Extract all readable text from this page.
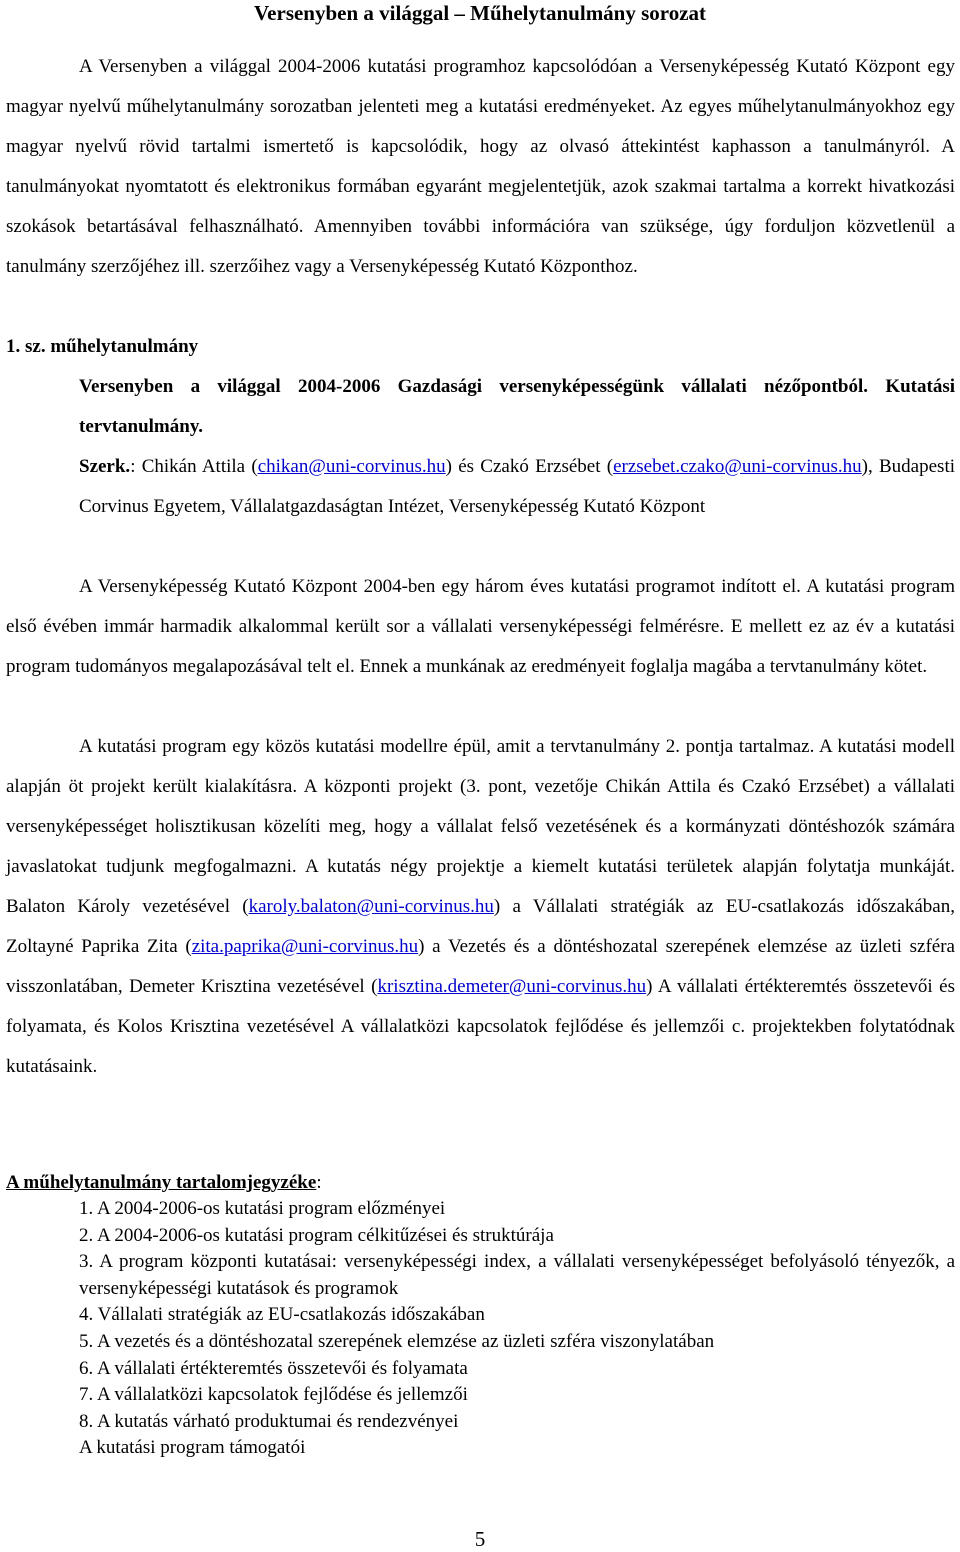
Versenyben a világgal – Műhelytanulmány sorozat

A Versenyben a világgal 2004-2006 kutatási programhoz kapcsolódóan a Versenyképesség Kutató Központ egy magyar nyelvű műhelytanulmány sorozatban jelenteti meg a kutatási eredményeket. Az egyes műhelytanulmányokhoz egy magyar nyelvű rövid tartalmi ismertető is kapcsolódik, hogy az olvasó áttekintést kaphasson a tanulmányról. A tanulmányokat nyomtatott és elektronikus formában egyaránt megjelentetjük, azok szakmai tartalma a korrekt hivatkozási szokások betartásával felhasználható. Amennyiben további információra van szüksége, úgy forduljon közvetlenül a tanulmány szerzőjéhez ill. szerzőihez vagy a Versenyképesség Kutató Központhoz.

1. sz. műhelytanulmány
Versenyben a világgal 2004-2006 Gazdasági versenyképességünk vállalati nézőpontból. Kutatási tervtanulmány.
Szerk.: Chikán Attila (chikan@uni-corvinus.hu) és Czakó Erzsébet (erzsebet.czako@uni-corvinus.hu), Budapesti Corvinus Egyetem, Vállalatgazdaságtan Intézet, Versenyképesség Kutató Központ

A Versenyképesség Kutató Központ 2004-ben egy három éves kutatási programot indított el. A kutatási program első évében immár harmadik alkalommal került sor a vállalati versenyképességi felmérésre. E mellett ez az év a kutatási program tudományos megalapozásával telt el. Ennek a munkának az eredményeit foglalja magába a tervtanulmány kötet.

A kutatási program egy közös kutatási modellre épül, amit a tervtanulmány 2. pontja tartalmaz. A kutatási modell alapján öt projekt került kialakításra. A központi projekt (3. pont, vezetője Chikán Attila és Czakó Erzsébet) a vállalati versenyképességet holisztikusan közelíti meg, hogy a vállalat felső vezetésének és a kormányzati döntéshozók számára javaslatokat tudjunk megfogalmazni. A kutatás négy projektje a kiemelt kutatási területek alapján folytatja munkáját. Balaton Károly vezetésével (karoly.balaton@uni-corvinus.hu) a Vállalati stratégiák az EU-csatlakozás időszakában, Zoltayné Paprika Zita (zita.paprika@uni-corvinus.hu) a Vezetés és a döntéshozatal szerepének elemzése az üzleti szféra visszonlatában, Demeter Krisztina vezetésével (krisztina.demeter@uni-corvinus.hu) A vállalati értékteremtés összetevői és folyamata, és Kolos Krisztina vezetésével A vállalatközi kapcsolatok fejlődése és jellemzői c. projektekben folytatódnak kutatásaink.

A műhelytanulmány tartalomjegyzéke:
1. A 2004-2006-os kutatási program előzményei
2. A 2004-2006-os kutatási program célkitűzései és struktúrája
3. A program központi kutatásai: versenyképességi index, a vállalati versenyképességet befolyásoló tényezők, a versenyképességi kutatások és programok
4. Vállalati stratégiák az EU-csatlakozás időszakában
5. A vezetés és a döntéshozatal szerepének elemzése az üzleti szféra viszonylatában
6. A vállalati értékteremtés összetevői és folyamata
7. A vállalatközi kapcsolatok fejlődése és jellemzői
8. A kutatás várható produktumai és rendezvényei
A kutatási program támogatói
5
